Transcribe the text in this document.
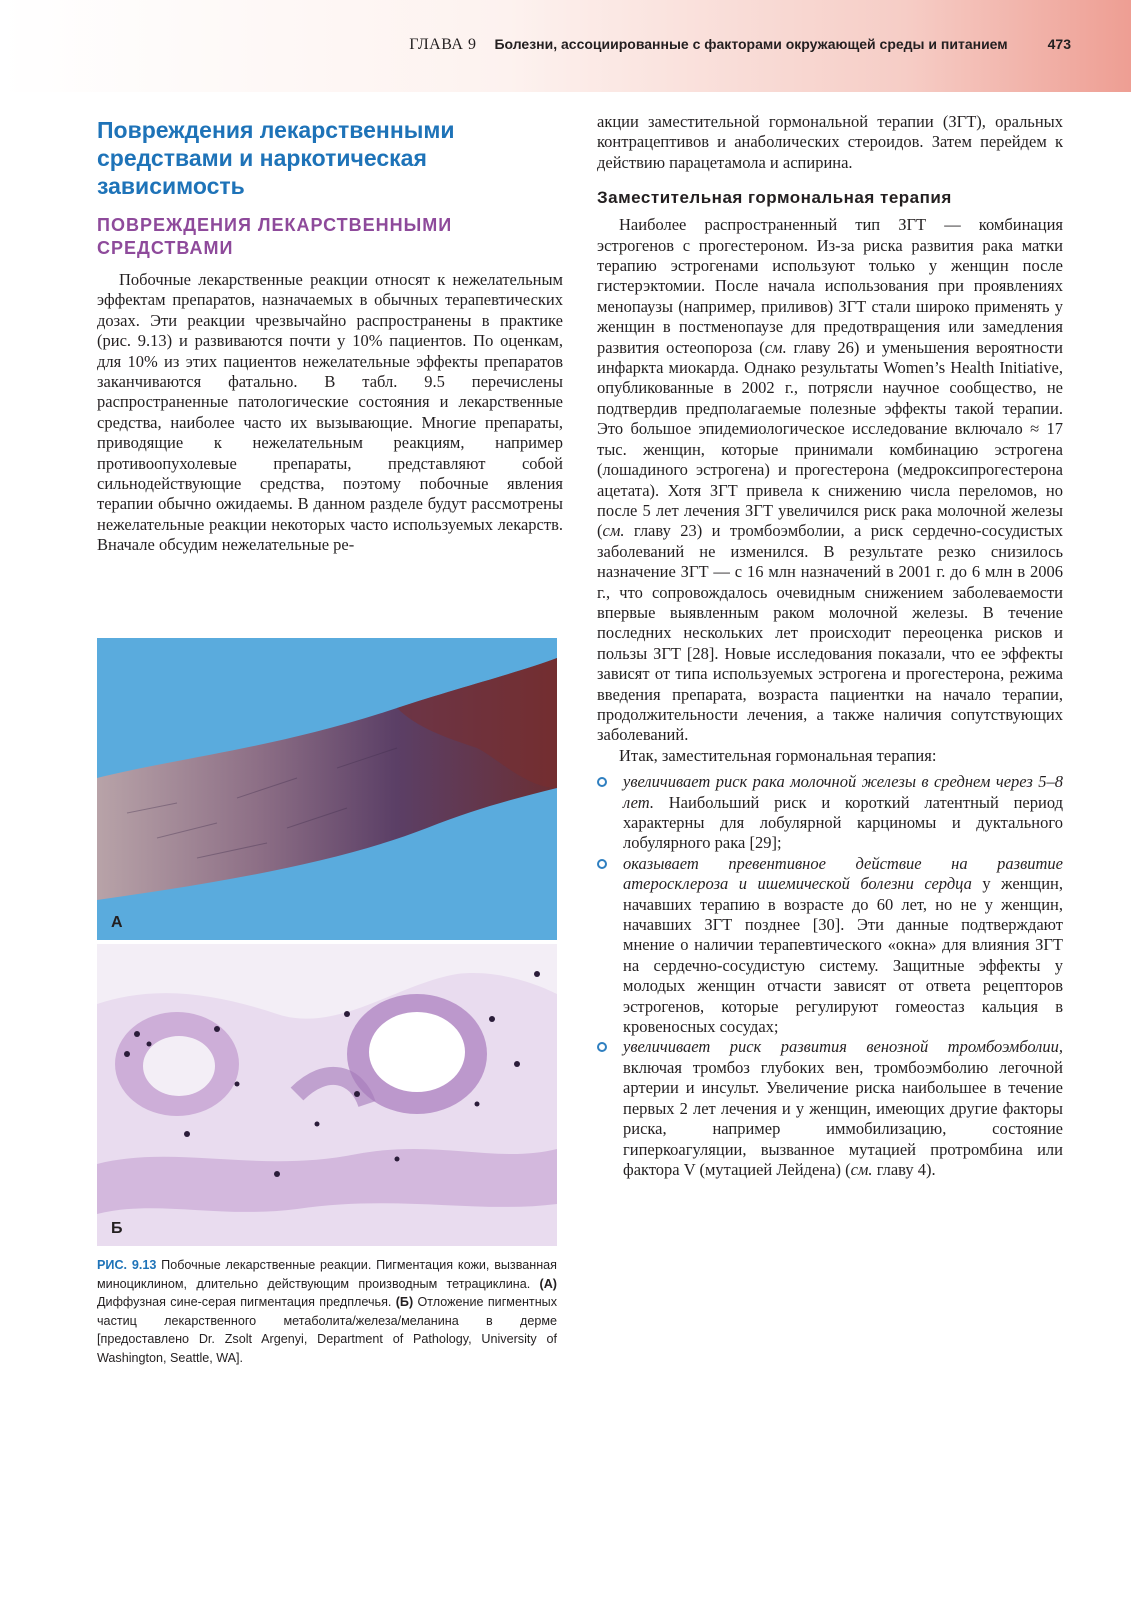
ГЛАВА 9 Болезни, ассоциированные с факторами окружающей среды и питанием	473
Повреждения лекарственными средствами и наркотическая зависимость
ПОВРЕЖДЕНИЯ ЛЕКАРСТВЕННЫМИ СРЕДСТВАМИ

Побочные лекарственные реакции относят к нежелательным эффектам препаратов, назначаемых в обычных терапевтических дозах. Эти реакции чрезвычайно распространены в практике (рис. 9.13) и развиваются почти у 10% пациентов. По оценкам, для 10% из этих пациентов нежелательные эффекты препаратов заканчиваются фатально. В табл. 9.5 перечислены распространенные патологические состояния и лекарственные средства, наиболее часто их вызывающие. Многие препараты, приводящие к нежелательным реакциям, например противоопухолевые препараты, представляют собой сильнодействующие средства, поэтому побочные явления терапии обычно ожидаемы. В данном разделе будут рассмотрены нежелательные реакции некоторых часто используемых лекарств. Вначале обсудим нежелательные ре-

А
Б
РИС. 9.13 Побочные лекарственные реакции. Пигментация кожи, вызванная миноциклином, длительно действующим производным тетрациклина. (А) Диффузная сине-серая пигментация предплечья. (Б) Отложение пигментных частиц лекарственного метаболита/железа/меланина в дерме [предоставлено Dr. Zsolt Argenyi, Department of Pathology, University of Washington, Seattle, WA].

акции заместительной гормональной терапии (ЗГТ), оральных контрацептивов и анаболических стероидов. Затем перейдем к действию парацетамола и аспирина.

Заместительная гормональная терапия

Наиболее распространенный тип ЗГТ — комбинация эстрогенов с прогестероном. Из-за риска развития рака матки терапию эстрогенами используют только у женщин после гистерэктомии. После начала использования при проявлениях менопаузы (например, приливов) ЗГТ стали широко применять у женщин в постменопаузе для предотвращения или замедления развития остеопороза (см. главу 26) и уменьшения вероятности инфаркта миокарда. Однако результаты Women’s Health Initiative, опубликованные в 2002 г., потрясли научное сообщество, не подтвердив предполагаемые полезные эффекты такой терапии. Это большое эпидемиологическое исследование включало ≈ 17 тыс. женщин, которые принимали комбинацию эстрогена (лошадиного эстрогена) и прогестерона (медроксипрогестерона ацетата). Хотя ЗГТ привела к снижению числа переломов, но после 5 лет лечения ЗГТ увеличился риск рака молочной железы (см. главу 23) и тромбоэмболии, а риск сердечно-сосудистых заболеваний не изменился. В результате резко снизилось назначение ЗГТ — с 16 млн назначений в 2001 г. до 6 млн в 2006 г., что сопровождалось очевидным снижением заболеваемости впервые выявленным раком молочной железы. В течение последних нескольких лет происходит переоценка рисков и пользы ЗГТ [28]. Новые исследования показали, что ее эффекты зависят от типа используемых эстрогена и прогестерона, режима введения препарата, возраста пациентки на начало терапии, продолжительности лечения, а также наличия сопутствующих заболеваний.

Итак, заместительная гормональная терапия:

увеличивает риск рака молочной железы в среднем через 5–8 лет. Наибольший риск и короткий латентный период характерны для лобулярной карциномы и дуктального лобулярного рака [29];
оказывает превентивное действие на развитие атеросклероза и ишемической болезни сердца у женщин, начавших терапию в возрасте до 60 лет, но не у женщин, начавших ЗГТ позднее [30]. Эти данные подтверждают мнение о наличии терапевтического «окна» для влияния ЗГТ на сердечно-сосудистую систему. Защитные эффекты у молодых женщин отчасти зависят от ответа рецепторов эстрогенов, которые регулируют гомеостаз кальция в кровеносных сосудах;
увеличивает риск развития венозной тромбоэмболии, включая тромбоз глубоких вен, тромбоэмболию легочной артерии и инсульт. Увеличение риска наибольшее в течение первых 2 лет лечения и у женщин, имеющих другие факторы риска, например иммобилизацию, состояние гиперкоагуляции, вызванное мутацией протромбина или фактора V (мутацией Лейдена) (см. главу 4).
